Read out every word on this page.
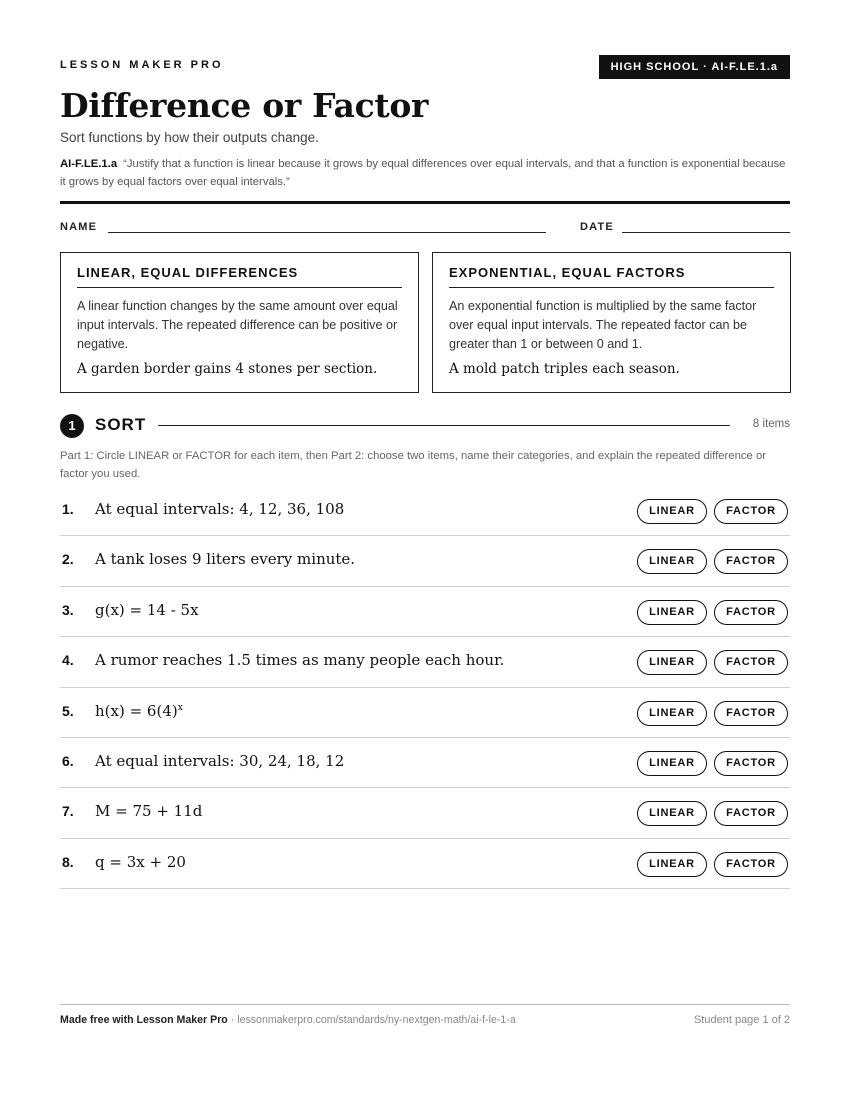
LESSON MAKER PRO	HIGH SCHOOL · AI-F.LE.1.a
Difference or Factor
Sort functions by how their outputs change.
AI-F.LE.1.a “Justify that a function is linear because it grows by equal differences over equal intervals, and that a function is exponential because it grows by equal factors over equal intervals.”
NAME	DATE
LINEAR, EQUAL DIFFERENCES
A linear function changes by the same amount over equal input intervals. The repeated difference can be positive or negative.
A garden border gains 4 stones per section.
EXPONENTIAL, EQUAL FACTORS
An exponential function is multiplied by the same factor over equal input intervals. The repeated factor can be greater than 1 or between 0 and 1.
A mold patch triples each season.
1	SORT	8 items
Part 1: Circle LINEAR or FACTOR for each item, then Part 2: choose two items, name their categories, and explain the repeated difference or factor you used.
1. At equal intervals: 4, 12, 36, 108	LINEAR	FACTOR
2. A tank loses 9 liters every minute.	LINEAR	FACTOR
3. g(x) = 14 - 5x	LINEAR	FACTOR
4. A rumor reaches 1.5 times as many people each hour.	LINEAR	FACTOR
5. $h(x) = 6(4)^x$	LINEAR	FACTOR
6. At equal intervals: 30, 24, 18, 12	LINEAR	FACTOR
7. M = 75 + 11d	LINEAR	FACTOR
8. q = 3x + 20	LINEAR	FACTOR
Made free with Lesson Maker Pro · lessonmakerpro.com/standards/ny-nextgen-math/ai-f-le-1-a	Student page 1 of 2
